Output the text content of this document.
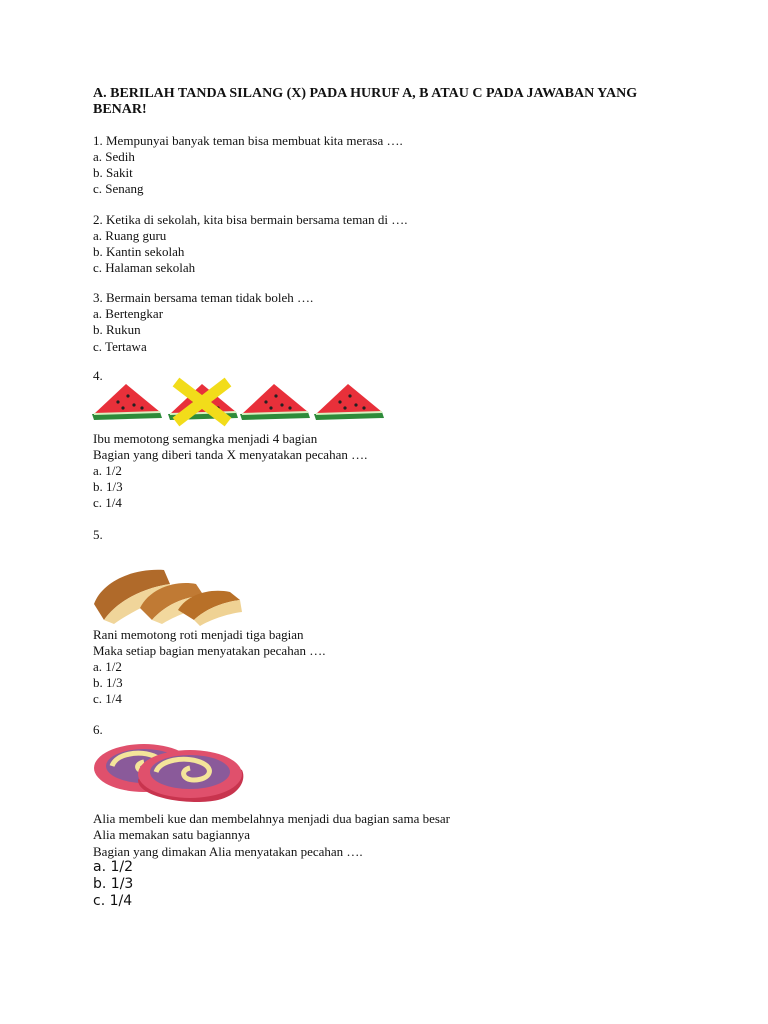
A. BERILAH TANDA SILANG (X) PADA HURUF A, B ATAU C PADA JAWABAN YANG BENAR!

1. Mempunyai banyak teman bisa membuat kita merasa ….

a. Sedih

b. Sakit

c. Senang

2. Ketika di sekolah, kita bisa bermain bersama teman di ….

a. Ruang guru

b. Kantin sekolah

c. Halaman sekolah

3. Bermain bersama teman tidak boleh ….

a. Bertengkar

b. Rukun

c. Tertawa

4.

Ibu memotong semangka menjadi 4 bagian

Bagian yang diberi tanda X menyatakan pecahan ….

a. 1/2

b. 1/3

c. 1/4

5.

Rani memotong roti menjadi tiga bagian

Maka setiap bagian menyatakan pecahan ….

a. 1/2

b. 1/3

c. 1/4

6.

Alia membeli kue dan membelahnya menjadi dua bagian sama besar

Alia memakan satu bagiannya

Bagian yang dimakan Alia menyatakan pecahan ….

a. 1/2

b. 1/3

c. 1/4
